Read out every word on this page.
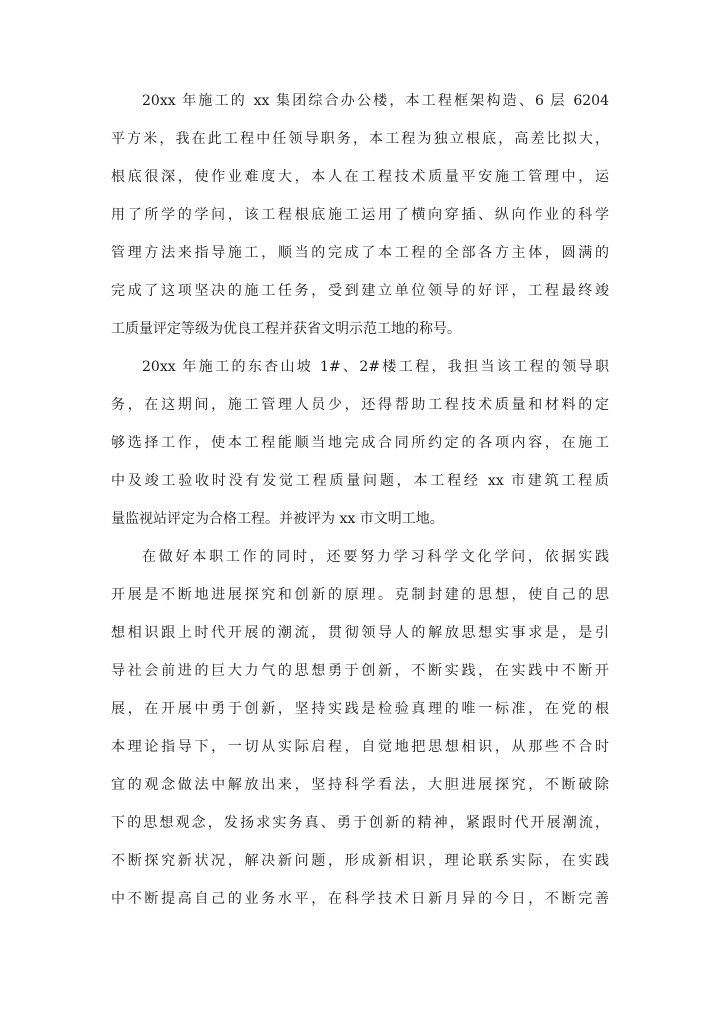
20xx 年施工的 xx 集团综合办公楼，本工程框架构造、6 层 6204
平方米，我在此工程中任领导职务，本工程为独立根底，高差比拟大，
根底很深，使作业难度大，本人在工程技术质量平安施工管理中，运
用了所学的学问，该工程根底施工运用了横向穿插、纵向作业的科学
管理方法来指导施工，顺当的完成了本工程的全部各方主体，圆满的
完成了这项坚决的施工任务，受到建立单位领导的好评，工程最终竣
工质量评定等级为优良工程并获省文明示范工地的称号。
20xx 年施工的东杏山坡 1#、2#楼工程，我担当该工程的领导职
务，在这期间，施工管理人员少，还得帮助工程技术质量和材料的定
够选择工作，使本工程能顺当地完成合同所约定的各项内容，在施工
中及竣工验收时没有发觉工程质量问题，本工程经 xx 市建筑工程质
量监视站评定为合格工程。并被评为 xx 市文明工地。
在做好本职工作的同时，还要努力学习科学文化学问，依据实践
开展是不断地进展探究和创新的原理。克制封建的思想，使自己的思
想相识跟上时代开展的潮流，贯彻领导人的解放思想实事求是，是引
导社会前进的巨大力气的思想勇于创新，不断实践，在实践中不断开
展，在开展中勇于创新，坚持实践是检验真理的唯一标准，在党的根
本理论指导下，一切从实际启程，自觉地把思想相识，从那些不合时
宜的观念做法中解放出来，坚持科学看法，大胆进展探究，不断破除
下的思想观念，发扬求实务真、勇于创新的精神，紧跟时代开展潮流，
不断探究新状况，解决新问题，形成新相识，理论联系实际，在实践
中不断提高自己的业务水平，在科学技术日新月异的今日，不断完善
